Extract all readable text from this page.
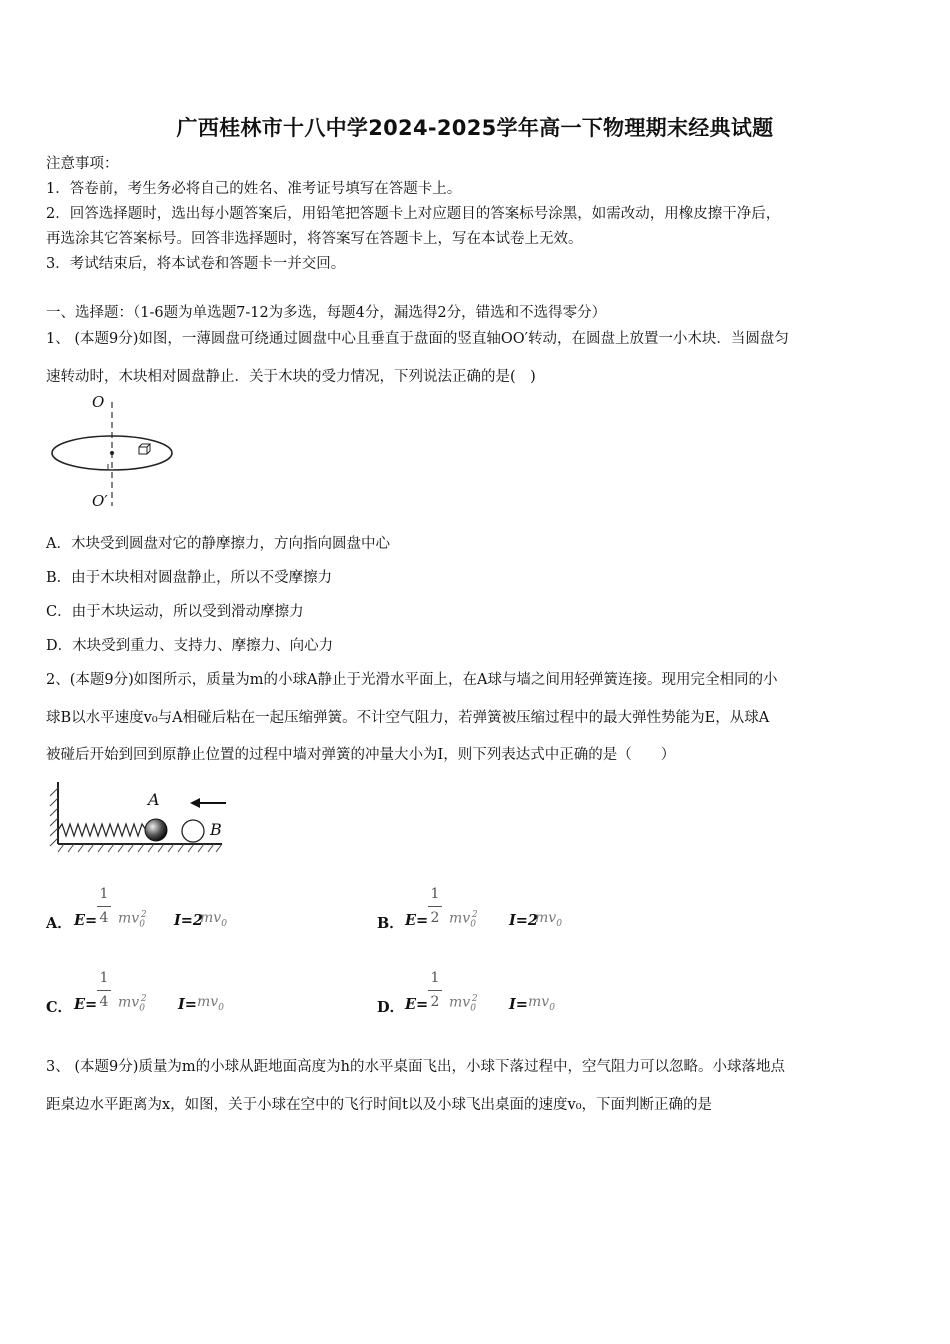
广西桂林市十八中学2024-2025学年高一下物理期末经典试题
注意事项：
1．答卷前，考生务必将自己的姓名、准考证号填写在答题卡上。
2．回答选择题时，选出每小题答案后，用铅笔把答题卡上对应题目的答案标号涂黑，如需改动，用橡皮擦干净后，
再选涂其它答案标号。回答非选择题时，将答案写在答题卡上，写在本试卷上无效。
3．考试结束后，将本试卷和答题卡一并交回。
一、选择题：（1-6题为单选题7-12为多选，每题4分，漏选得2分，错选和不选得零分）
1、 (本题9分)如图，一薄圆盘可绕通过圆盘中心且垂直于盘面的竖直轴OO′转动，在圆盘上放置一小木块．当圆盘匀
速转动时，木块相对圆盘静止．关于木块的受力情况，下列说法正确的是(　)
O
O′
A．木块受到圆盘对它的静摩擦力，方向指向圆盘中心
B．由于木块相对圆盘静止，所以不受摩擦力
C．由于木块运动，所以受到滑动摩擦力
D．木块受到重力、支持力、摩擦力、向心力
2、(本题9分)如图所示，质量为m的小球A静止于光滑水平面上，在A球与墙之间用轻弹簧连接。现用完全相同的小
球B以水平速度v₀与A相碰后粘在一起压缩弹簧。不计空气阻力，若弹簧被压缩过程中的最大弹性势能为E，从球A
被碰后开始到回到原静止位置的过程中墙对弹簧的冲量大小为I，则下列表达式中正确的是（　　）
A
B
A． E=
1
4 $mv_0^2$ I=2
$mv_0$	B． E=
1
2 $mv_0^2$ I=2
$mv_0$
C． E=
1
4 $mv_0^2$ $I= mv_0$	D． E=
1
2 $mv_0^2$ $I= mv_0$
3、 (本题9分)质量为m的小球从距地面高度为h的水平桌面飞出，小球下落过程中，空气阻力可以忽略。小球落地点
距桌边水平距离为x，如图，关于小球在空中的飞行时间t以及小球飞出桌面的速度v₀，下面判断正确的是
